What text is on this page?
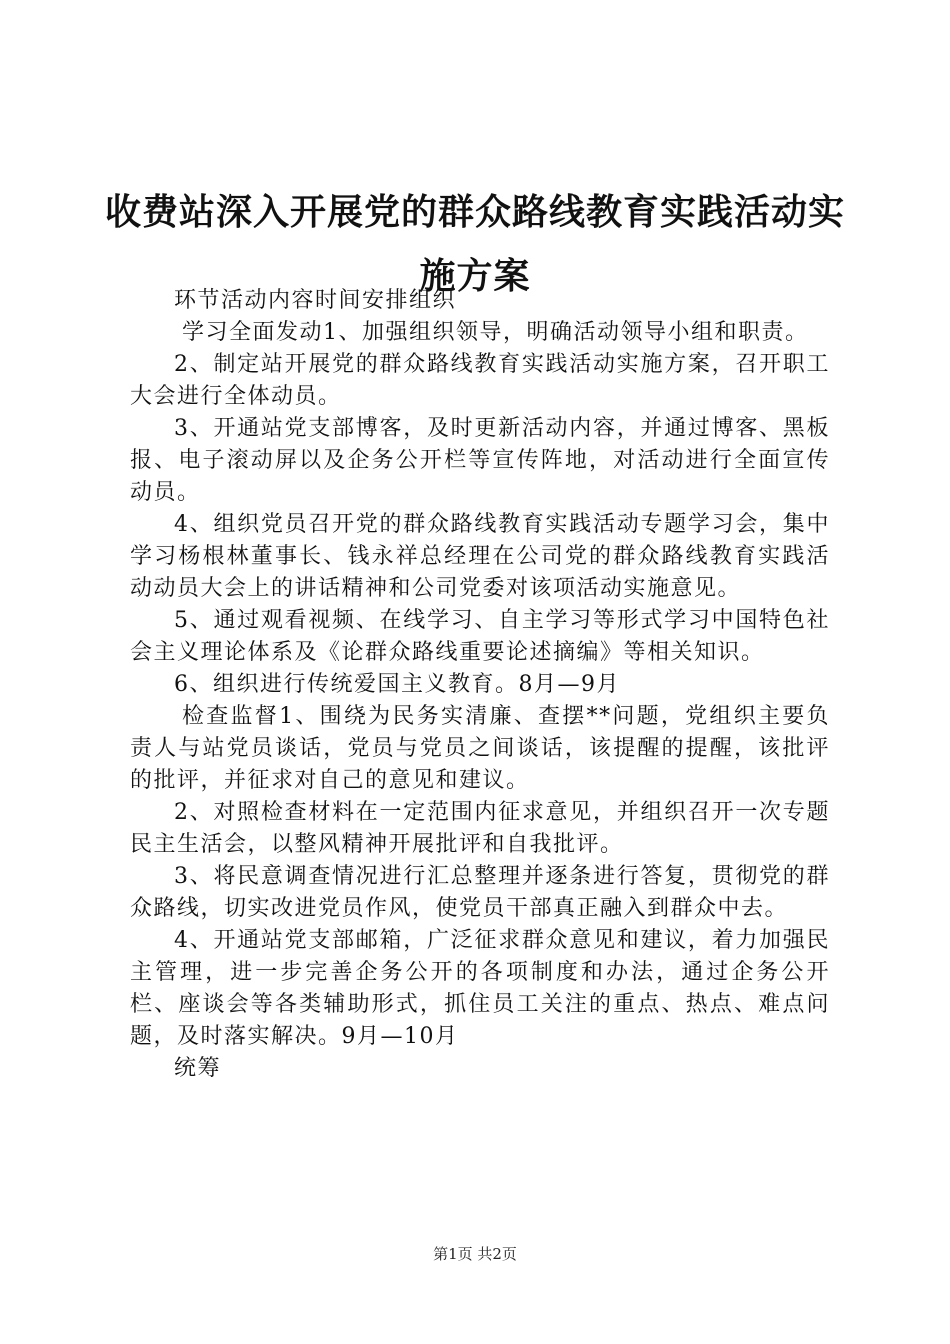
收费站深入开展党的群众路线教育实践活动实施方案

环节活动内容时间安排组织

学习全面发动1、加强组织领导，明确活动领导小组和职责。

2、制定站开展党的群众路线教育实践活动实施方案，召开职工大会进行全体动员。

3、开通站党支部博客，及时更新活动内容，并通过博客、黑板报、电子滚动屏以及企务公开栏等宣传阵地，对活动进行全面宣传动员。

4、组织党员召开党的群众路线教育实践活动专题学习会，集中学习杨根林董事长、钱永祥总经理在公司党的群众路线教育实践活动动员大会上的讲话精神和公司党委对该项活动实施意见。

5、通过观看视频、在线学习、自主学习等形式学习中国特色社会主义理论体系及《论群众路线重要论述摘编》等相关知识。

6、组织进行传统爱国主义教育。8月—9月

检查监督1、围绕为民务实清廉、查摆**问题，党组织主要负责人与站党员谈话，党员与党员之间谈话，该提醒的提醒，该批评的批评，并征求对自己的意见和建议。

2、对照检查材料在一定范围内征求意见，并组织召开一次专题民主生活会，以整风精神开展批评和自我批评。

3、将民意调查情况进行汇总整理并逐条进行答复，贯彻党的群众路线，切实改进党员作风，使党员干部真正融入到群众中去。

4、开通站党支部邮箱，广泛征求群众意见和建议，着力加强民主管理，进一步完善企务公开的各项制度和办法，通过企务公开栏、座谈会等各类辅助形式，抓住员工关注的重点、热点、难点问题，及时落实解决。9月—10月

统筹

第1页 共2页
